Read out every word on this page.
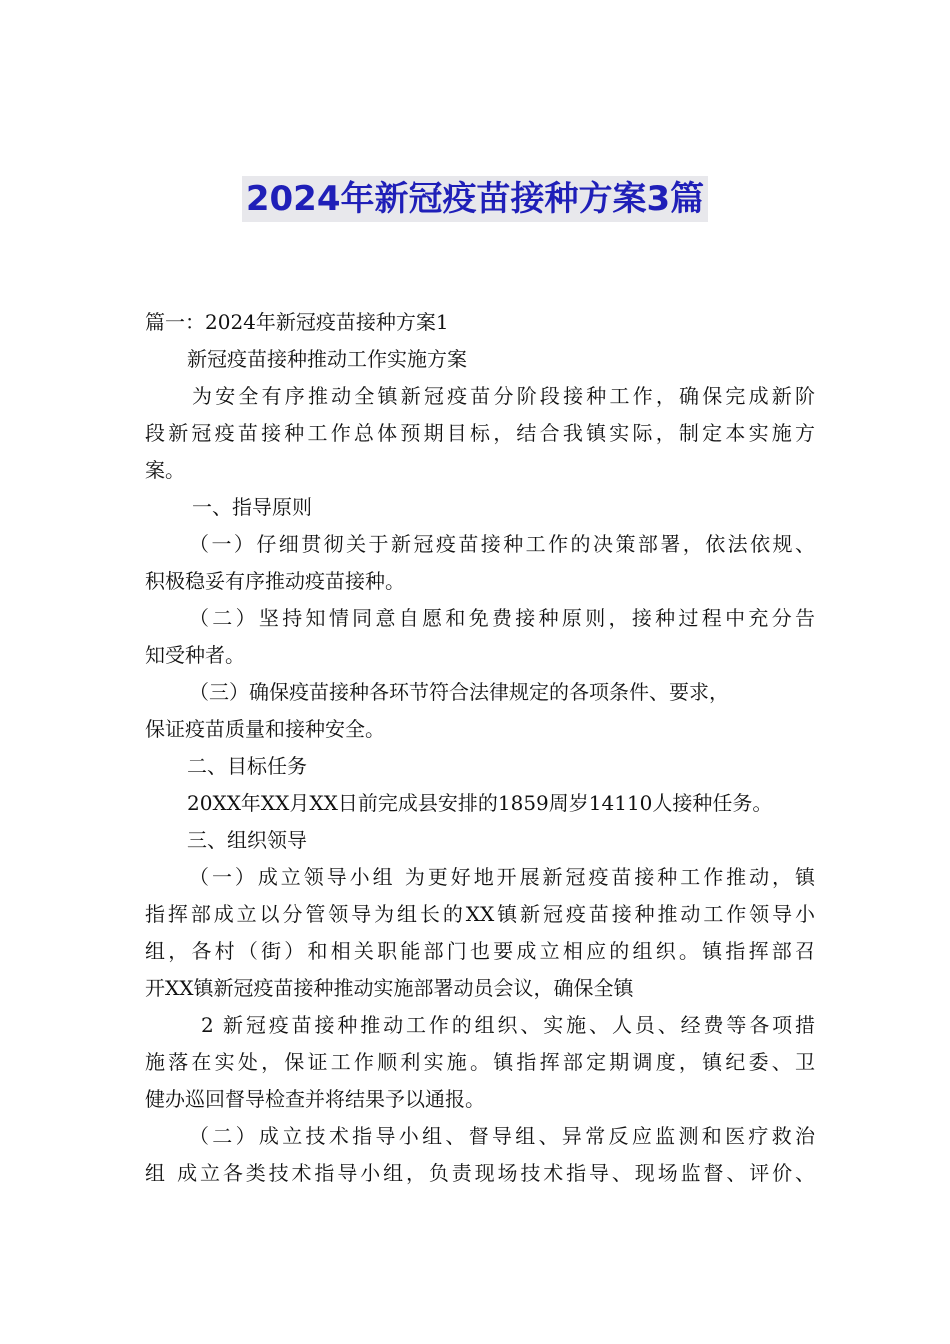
2024年新冠疫苗接种方案3篇
篇一：2024年新冠疫苗接种方案1
新冠疫苗接种推动工作实施方案
为安全有序推动全镇新冠疫苗分阶段接种工作，确保完成新阶
段新冠疫苗接种工作总体预期目标，结合我镇实际，制定本实施方
案。
一、指导原则
（一）仔细贯彻关于新冠疫苗接种工作的决策部署，依法依规、
积极稳妥有序推动疫苗接种。
（二）坚持知情同意自愿和免费接种原则，接种过程中充分告
知受种者。
（三）确保疫苗接种各环节符合法律规定的各项条件、要求，
保证疫苗质量和接种安全。
二、目标任务
20XX年XX月XX日前完成县安排的1859周岁14110人接种任务。
三、组织领导
（一）成立领导小组 为更好地开展新冠疫苗接种工作推动，镇
指挥部成立以分管领导为组长的XX镇新冠疫苗接种推动工作领导小
组，各村（街）和相关职能部门也要成立相应的组织。镇指挥部召
开XX镇新冠疫苗接种推动实施部署动员会议，确保全镇
2 新冠疫苗接种推动工作的组织、实施、人员、经费等各项措
施落在实处，保证工作顺利实施。镇指挥部定期调度，镇纪委、卫
健办巡回督导检查并将结果予以通报。
（二）成立技术指导小组、督导组、异常反应监测和医疗救治
组 成立各类技术指导小组，负责现场技术指导、现场监督、评价、
